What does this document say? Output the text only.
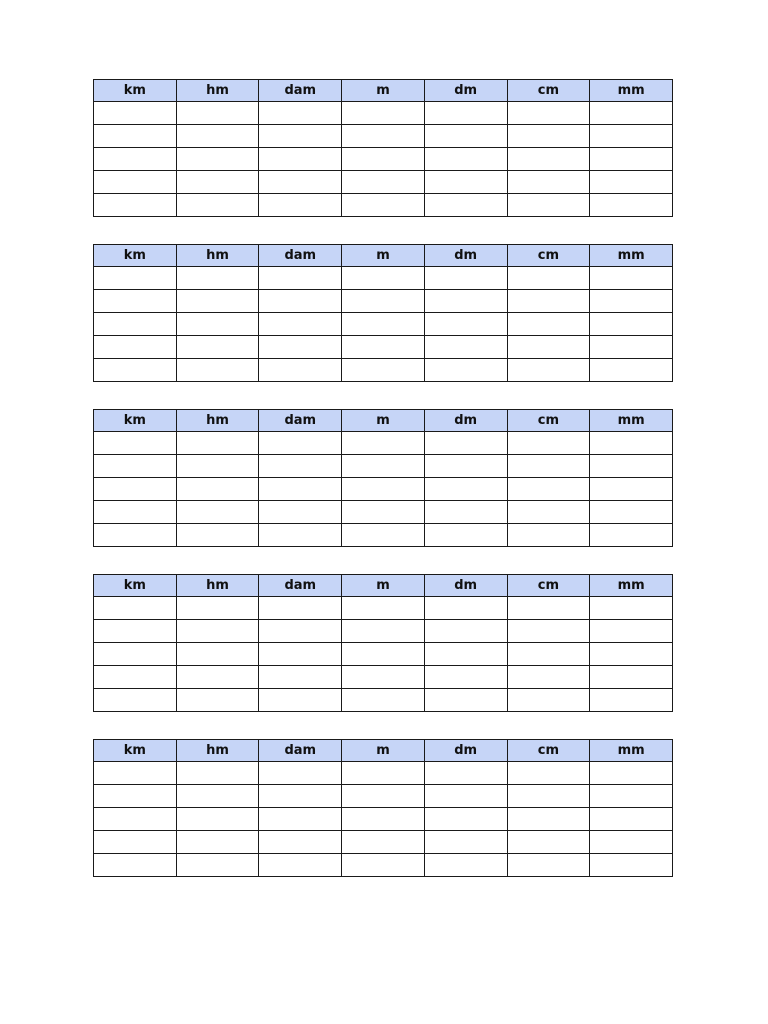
km	hm	dam	m	dm	cm	mm

km	hm	dam	m	dm	cm	mm

km	hm	dam	m	dm	cm	mm

km	hm	dam	m	dm	cm	mm

km	hm	dam	m	dm	cm	mm
